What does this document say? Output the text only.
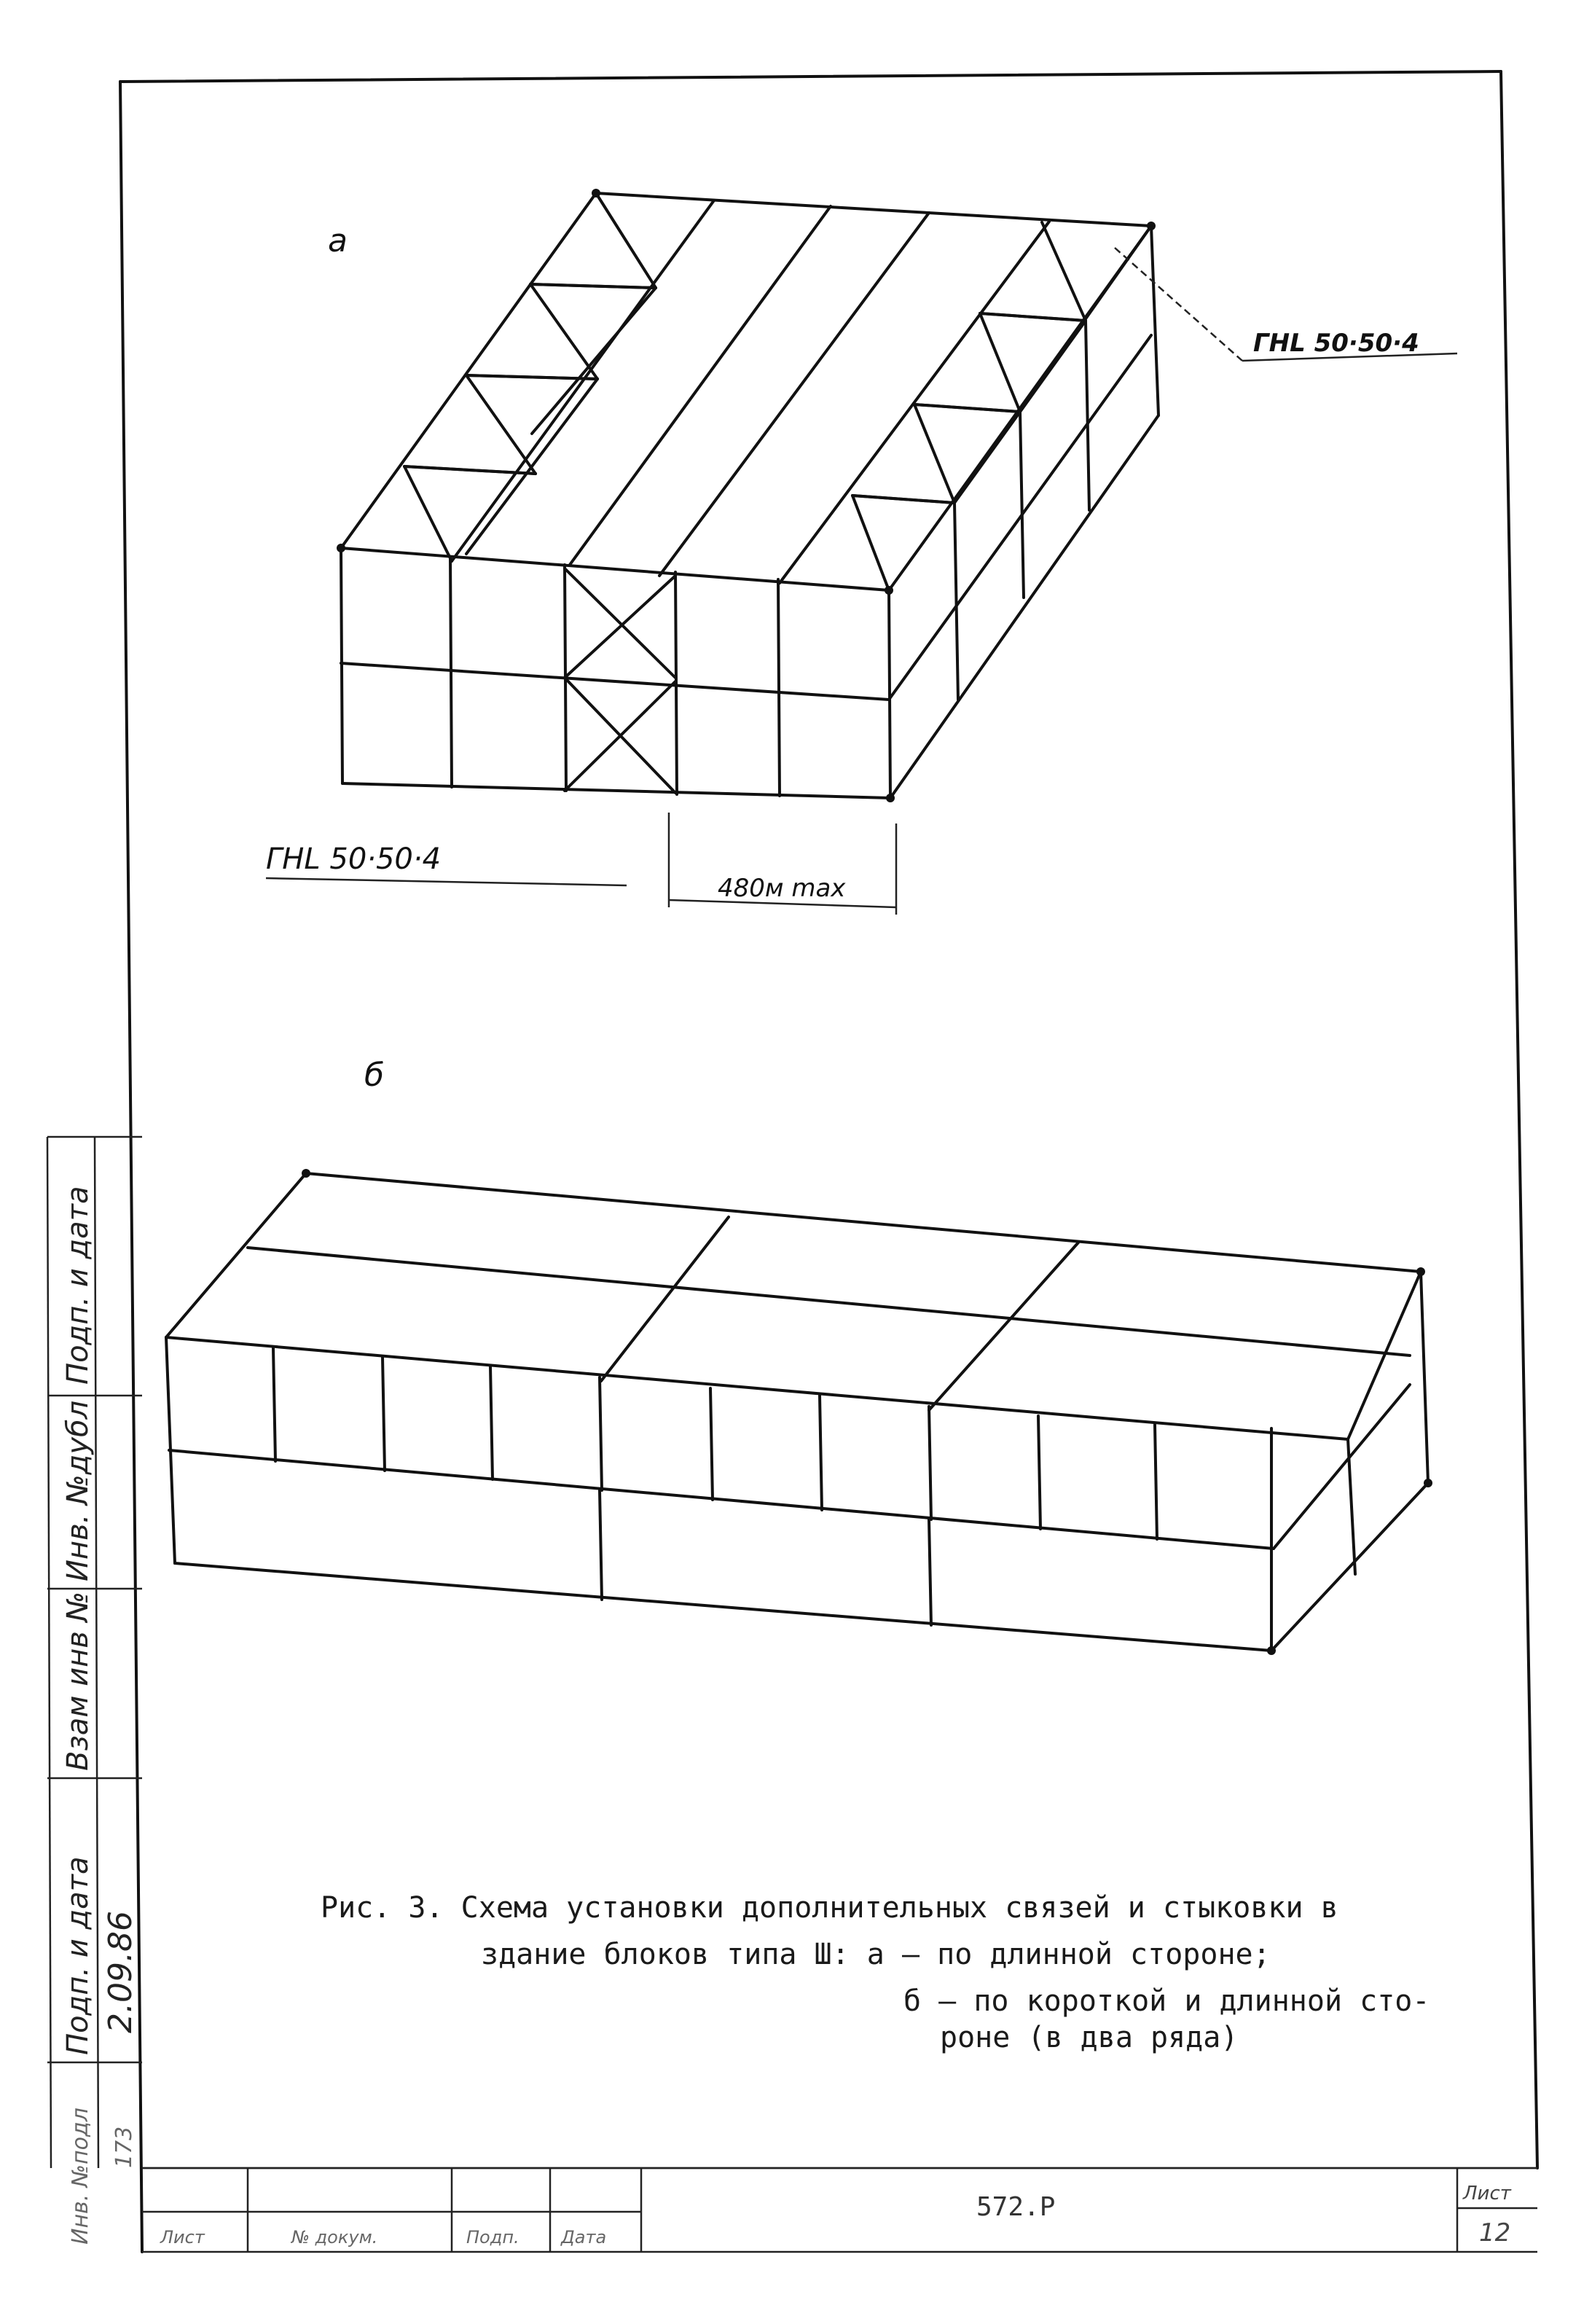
а
ГНL 50·50·4
ГНL 50·50·4
480м max
б
Подп. и дата
Инв. №дубл
Взам инв №
Подп. и дата 2.09.86
Инв. №подл 173
572.Р	Лист
12
Лист	№ докум.	Подп. Дата
Рис. 3. Схема установки дополнительных связей и стыковки в
здание блоков типа Ш: а – по длинной стороне;
б – по короткой и длинной сто-
роне (в два ряда)
